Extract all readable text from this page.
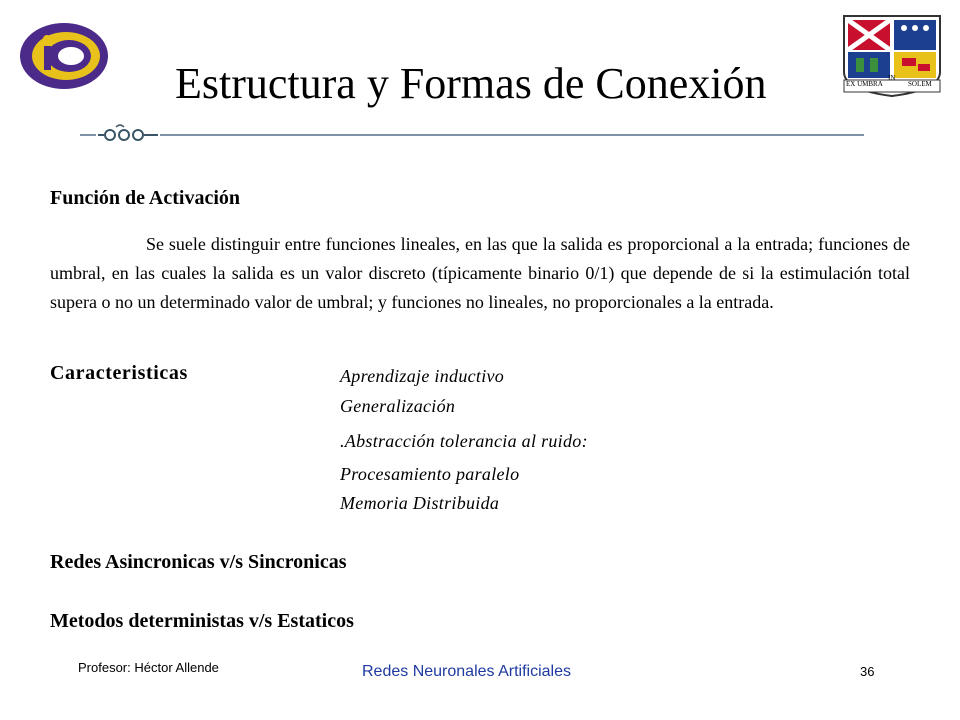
Estructura y Formas de Conexión	EX UMBRA
IN
SOLEM
Función de Activación
Se suele distinguir entre funciones lineales, en las que la salida es proporcional a la entrada; funciones de umbral, en las cuales la salida es un valor discreto (típicamente binario 0/1) que depende de si la estimulación total supera o no un determinado valor de umbral; y funciones no lineales, no proporcionales a la entrada.
Caracteristicas	Aprendizaje inductivo
Generalización
.Abstracción tolerancia al ruido:
Procesamiento paralelo
Memoria Distribuida
Redes Asincronicas v/s Sincronicas
Metodos deterministas v/s Estaticos
Profesor: Héctor Allende	Redes Neuronales Artificiales	36
